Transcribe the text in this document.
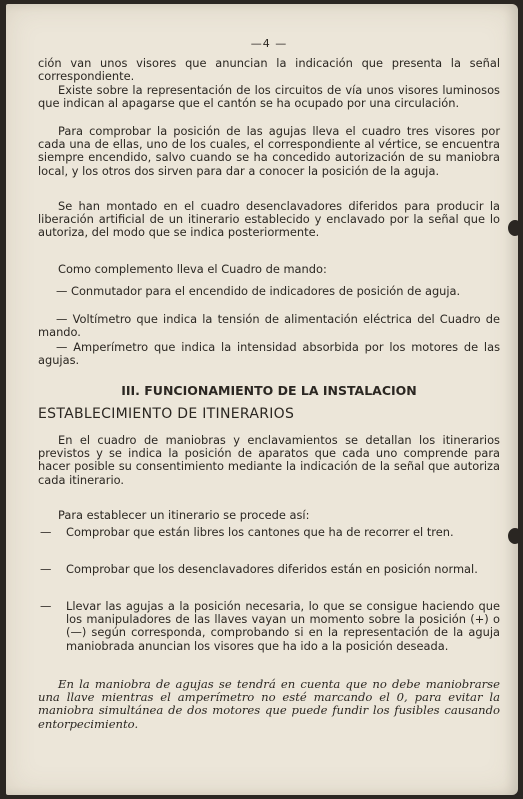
—4 —

ción van unos visores que anuncian la indicación que presenta la señal correspondiente.

Existe sobre la representación de los circuitos de vía unos visores luminosos que indican al apagarse que el cantón se ha ocupado por una circulación.

Para comprobar la posición de las agujas lleva el cuadro tres visores por cada una de ellas, uno de los cuales, el correspondiente al vértice, se encuentra siempre encendido, salvo cuando se ha concedido autorización de su maniobra local, y los otros dos sirven para dar a conocer la posición de la aguja.

Se han montado en el cuadro desenclavadores diferidos para producir la liberación artificial de un itinerario establecido y enclavado por la señal que lo autoriza, del modo que se indica posteriormente.

Como complemento lleva el Cuadro de mando:

— Conmutador para el encendido de indicadores de posición de aguja.

— Voltímetro que indica la tensión de alimentación eléctrica del Cuadro de mando.

— Amperímetro que indica la intensidad absorbida por los motores de las agujas.

III. FUNCIONAMIENTO DE LA INSTALACION
ESTABLECIMIENTO DE ITINERARIOS

En el cuadro de maniobras y enclavamientos se detallan los itinerarios previstos y se indica la posición de aparatos que cada uno comprende para hacer posible su consentimiento mediante la indicación de la señal que autoriza cada itinerario.

Para establecer un itinerario se procede así:

—	Comprobar que están libres los cantones que ha de recorrer el tren.
—	Comprobar que los desenclavadores diferidos están en posición normal.
—	Llevar las agujas a la posición necesaria, lo que se consigue haciendo que los manipuladores de las llaves vayan un momento sobre la posición (+) o (—) según corresponda, comprobando si en la representación de la aguja maniobrada anuncian los visores que ha ido a la posición deseada.

En la maniobra de agujas se tendrá en cuenta que no debe maniobrarse una llave mientras el amperímetro no esté marcando el 0, para evitar la maniobra simultánea de dos motores que puede fundir los fusibles causando entorpecimiento.
